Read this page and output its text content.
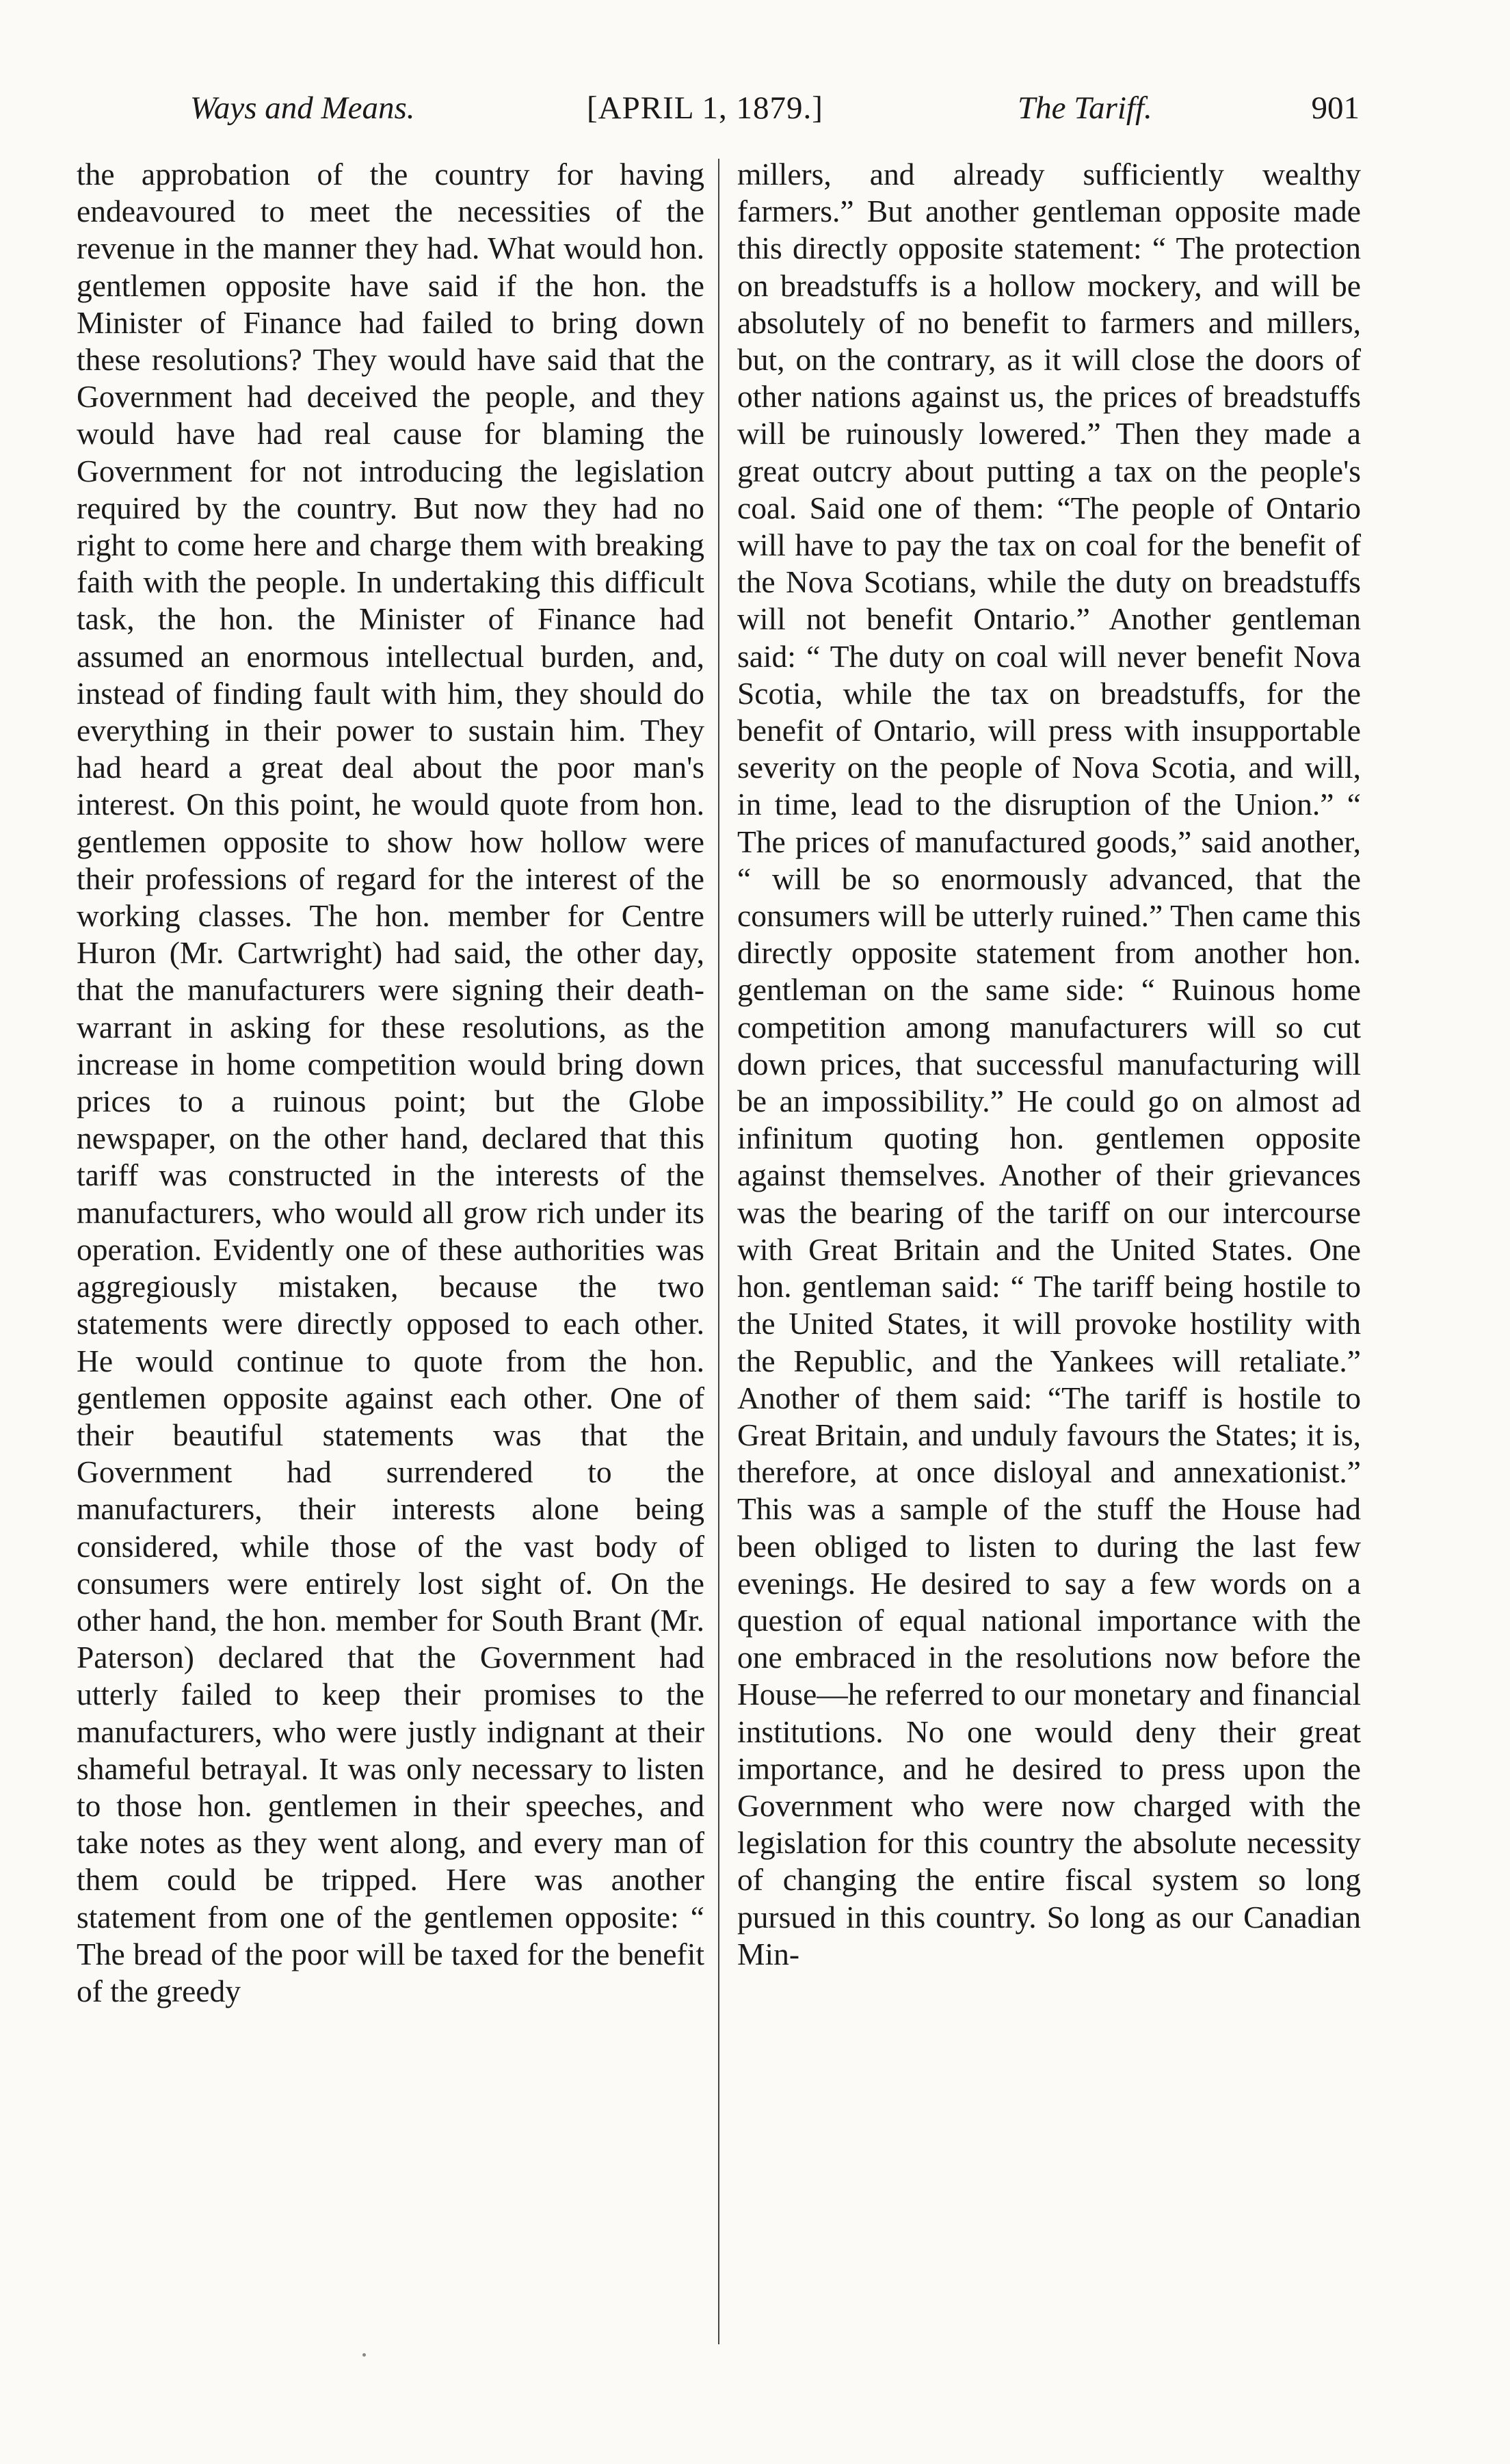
Ways and Means.	[APRIL 1, 1879.]	The Tariff.	901

the approbation of the country for having endeavoured to meet the necessities of the revenue in the manner they had. What would hon. gentlemen opposite have said if the hon. the Minister of Finance had failed to bring down these resolutions? They would have said that the Government had deceived the people, and they would have had real cause for blaming the Government for not introducing the legislation required by the country. But now they had no right to come here and charge them with breaking faith with the people. In undertaking this difficult task, the hon. the Minister of Finance had assumed an enormous intellectual burden, and, instead of finding fault with him, they should do everything in their power to sustain him. They had heard a great deal about the poor man's interest. On this point, he would quote from hon. gentlemen opposite to show how hollow were their professions of regard for the interest of the working classes. The hon. member for Centre Huron (Mr. Cartwright) had said, the other day, that the manufacturers were signing their death-warrant in asking for these resolutions, as the increase in home competition would bring down prices to a ruinous point; but the Globe newspaper, on the other hand, declared that this tariff was constructed in the interests of the manufacturers, who would all grow rich under its operation. Evidently one of these authorities was aggregiously mistaken, because the two statements were directly opposed to each other. He would continue to quote from the hon. gentlemen opposite against each other. One of their beautiful statements was that the Government had surrendered to the manufacturers, their interests alone being considered, while those of the vast body of consumers were entirely lost sight of. On the other hand, the hon. member for South Brant (Mr. Paterson) declared that the Government had utterly failed to keep their promises to the manufacturers, who were justly indignant at their shameful betrayal. It was only necessary to listen to those hon. gentlemen in their speeches, and take notes as they went along, and every man of them could be tripped. Here was another statement from one of the gentlemen opposite: “ The bread of the poor will be taxed for the benefit of the greedy

millers, and already sufficiently wealthy farmers.” But another gentleman opposite made this directly opposite statement: “ The protection on breadstuffs is a hollow mockery, and will be absolutely of no benefit to farmers and millers, but, on the contrary, as it will close the doors of other nations against us, the prices of breadstuffs will be ruinously lowered.” Then they made a great outcry about putting a tax on the people's coal. Said one of them: “The people of Ontario will have to pay the tax on coal for the benefit of the Nova Scotians, while the duty on breadstuffs will not benefit Ontario.” Another gentleman said: “ The duty on coal will never benefit Nova Scotia, while the tax on breadstuffs, for the benefit of Ontario, will press with insupportable severity on the people of Nova Scotia, and will, in time, lead to the disruption of the Union.” “ The prices of manufactured goods,” said another, “ will be so enormously advanced, that the consumers will be utterly ruined.” Then came this directly opposite statement from another hon. gentleman on the same side: “ Ruinous home competition among manufacturers will so cut down prices, that successful manufacturing will be an impossibility.” He could go on almost ad infinitum quoting hon. gentlemen opposite against themselves. Another of their grievances was the bearing of the tariff on our intercourse with Great Britain and the United States. One hon. gentleman said: “ The tariff being hostile to the United States, it will provoke hostility with the Republic, and the Yankees will retaliate.” Another of them said: “The tariff is hostile to Great Britain, and unduly favours the States; it is, therefore, at once disloyal and annexationist.” This was a sample of the stuff the House had been obliged to listen to during the last few evenings. He desired to say a few words on a question of equal national importance with the one embraced in the resolutions now before the House—he referred to our monetary and financial institutions. No one would deny their great importance, and he desired to press upon the Government who were now charged with the legislation for this country the absolute necessity of changing the entire fiscal system so long pursued in this country. So long as our Canadian Min-
